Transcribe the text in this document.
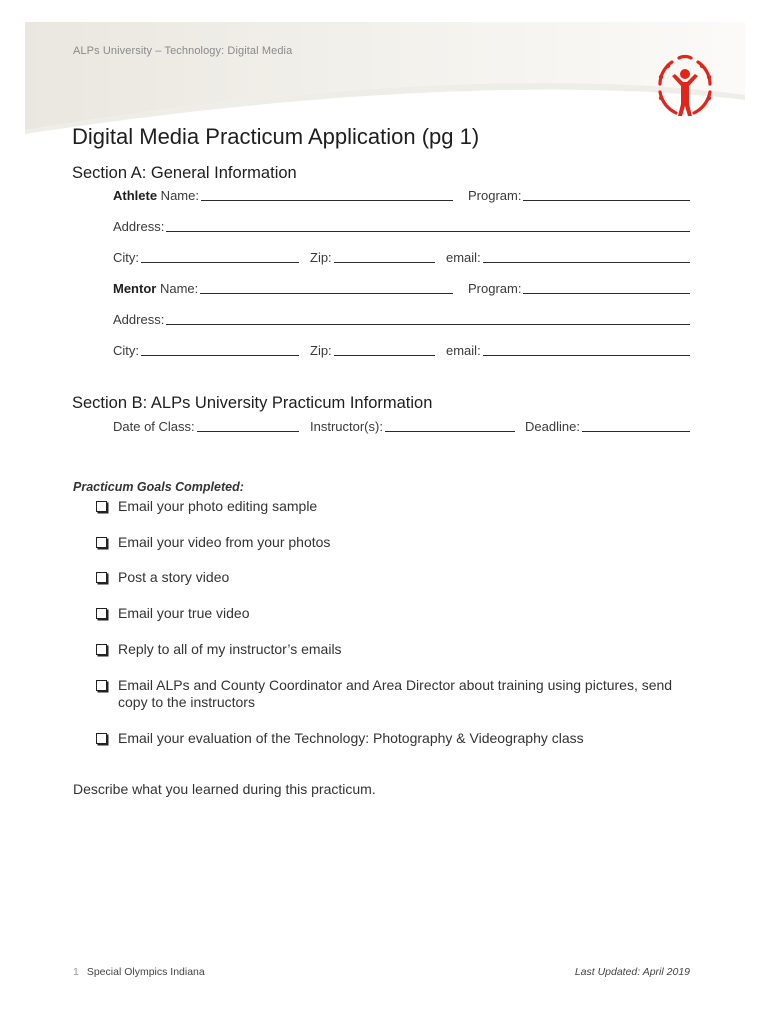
ALPs University – Technology: Digital Media
Digital Media Practicum Application (pg 1)
Section A: General Information
Athlete Name:	Program:
Address:
City:	Zip:	email:
Mentor Name:	Program:
Address:
City:	Zip:	email:
Section B: ALPs University Practicum Information
Date of Class:	Instructor(s):	Deadline:
Practicum Goals Completed:
Email your photo editing sample
Email your video from your photos
Post a story video
Email your true video
Reply to all of my instructor’s emails
Email ALPs and County Coordinator and Area Director about training using pictures, send copy to the instructors
Email your evaluation of the Technology: Photography & Videography class
Describe what you learned during this practicum.
1 Special Olympics Indiana	Last Updated: April 2019
